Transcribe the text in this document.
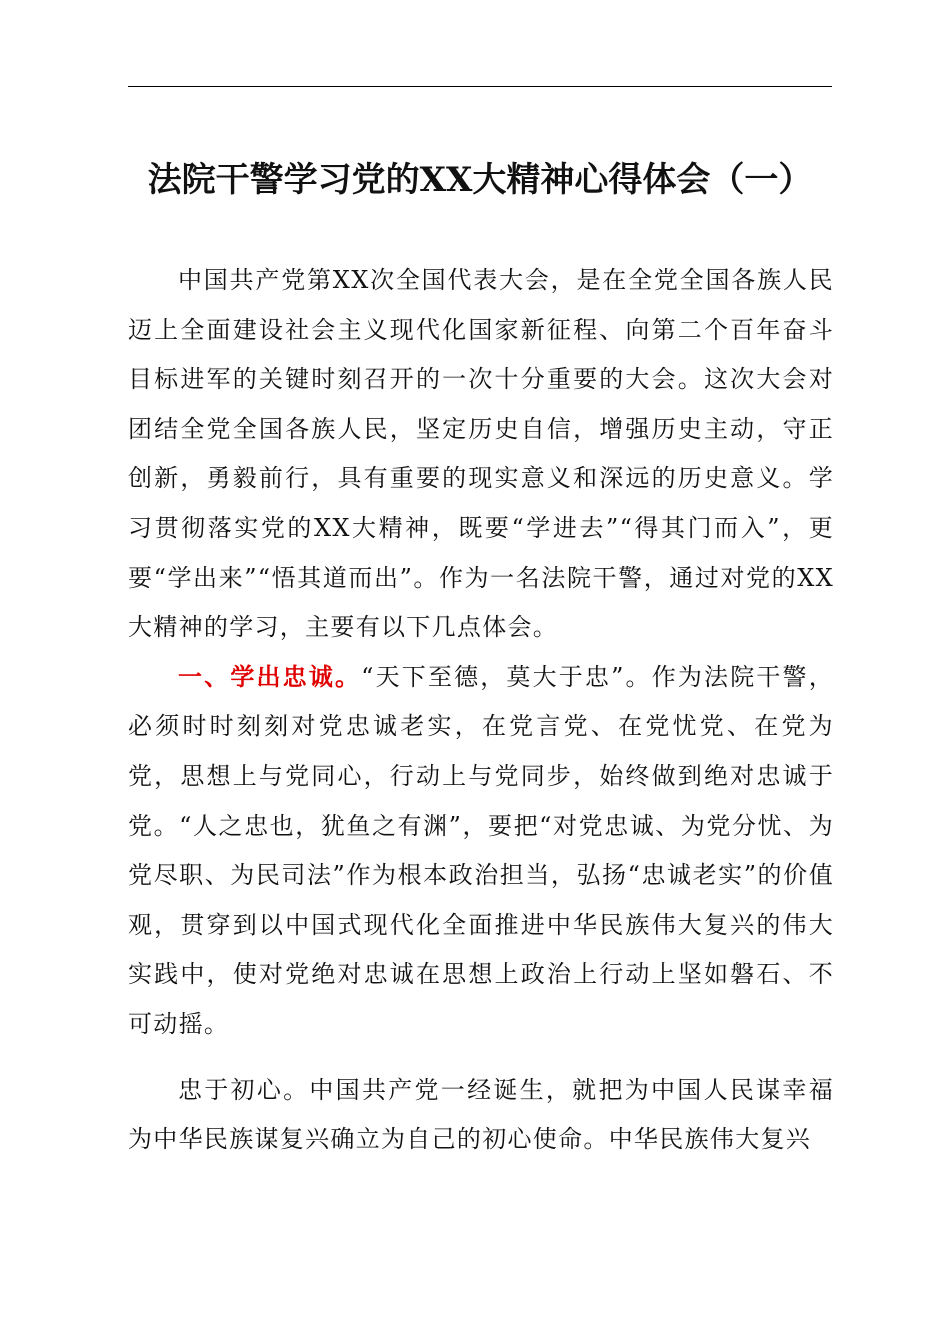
法院干警学习党的XX大精神心得体会（一）

中国共产党第XX次全国代表大会，是在全党全国各族人民迈上全面建设社会主义现代化国家新征程、向第二个百年奋斗目标进军的关键时刻召开的一次十分重要的大会。这次大会对团结全党全国各族人民，坚定历史自信，增强历史主动，守正创新，勇毅前行，具有重要的现实意义和深远的历史意义。学习贯彻落实党的XX大精神，既要“学进去”“得其门而入”，更要“学出来”“悟其道而出”。作为一名法院干警，通过对党的XX大精神的学习，主要有以下几点体会。

一、学出忠诚。“天下至德，莫大于忠”。作为法院干警，必须时时刻刻对党忠诚老实，在党言党、在党忧党、在党为党，思想上与党同心，行动上与党同步，始终做到绝对忠诚于党。“人之忠也，犹鱼之有渊”，要把“对党忠诚、为党分忧、为党尽职、为民司法”作为根本政治担当，弘扬“忠诚老实”的价值观，贯穿到以中国式现代化全面推进中华民族伟大复兴的伟大实践中，使对党绝对忠诚在思想上政治上行动上坚如磐石、不可动摇。

忠于初心。中国共产党一经诞生，就把为中国人民谋幸福为中华民族谋复兴确立为自己的初心使命。中华民族伟大复兴
